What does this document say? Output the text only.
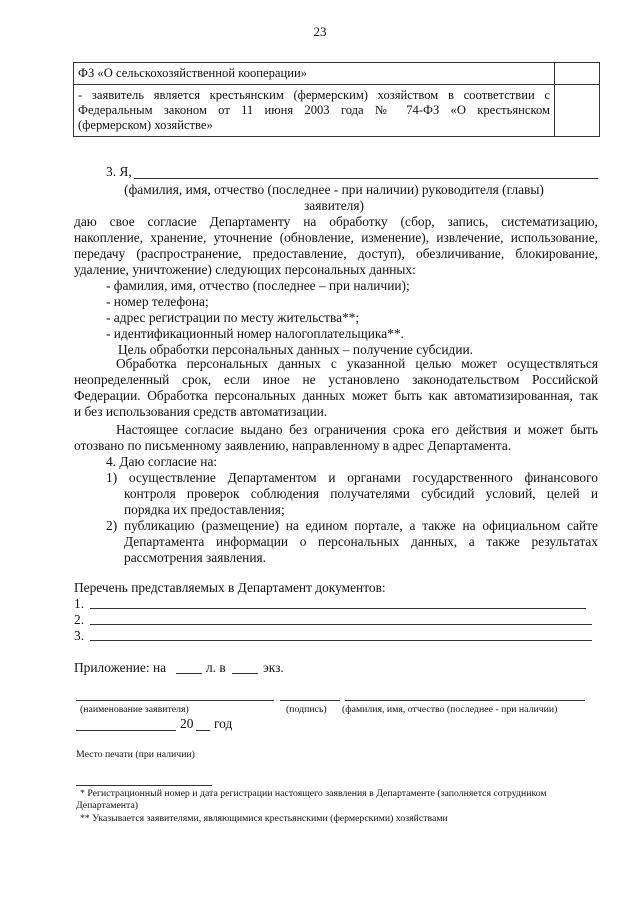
23
ФЗ «О сельскохозяйственной кооперации»	

- заявитель является крестьянским (фермерским) хозяйством в соответствии с
Федеральным законом от 11 июня 2003 года № 74-ФЗ «О крестьянском
(фермерском) хозяйстве»	

3. Я,
(фамилия, имя, отчество (последнее - при наличии) руководителя (главы)
заявителя)
даю свое согласие Департаменту на обработку (сбор, запись, систематизацию,
накопление, хранение, уточнение (обновление, изменение), извлечение, использование,
передачу (распространение, предоставление, доступ), обезличивание, блокирование,
удаление, уничтожение) следующих персональных данных:
- фамилия, имя, отчество (последнее – при наличии);
- номер телефона;
- адрес регистрации по месту жительства**;
- идентификационный номер налогоплательщика**.
Цель обработки персональных данных – получение субсидии.
Обработка персональных данных с указанной целью может осуществляться
неопределенный срок, если иное не установлено законодательством Российской
Федерации. Обработка персональных данных может быть как автоматизированная, так
и без использования средств автоматизации.
Настоящее согласие выдано без ограничения срока его действия и может быть
отозвано по письменному заявлению, направленному в адрес Департамента.
4. Даю согласие на:
1) осуществление Департаментом и органами государственного финансового
контроля проверок соблюдения получателями субсидий условий, целей и
порядка их предоставления;
2) публикацию (размещение) на едином портале, а также на официальном сайте
Департамента информации о персональных данных, а также результатах
рассмотрения заявления.
Перечень представляемых в Департамент документов:
1.
2.
3.
Приложение: на	л. в	экз.
(наименование заявителя)	(подпись) (фамилия, имя, отчество (последнее - при наличии)
20 год
Место печати (при наличии)
* Регистрационный номер и дата регистрации настоящего заявления в Департаменте (заполняется сотрудником
Департамента)
** Указывается заявителями, являющимися крестьянскими (фермерскими) хозяйствами
